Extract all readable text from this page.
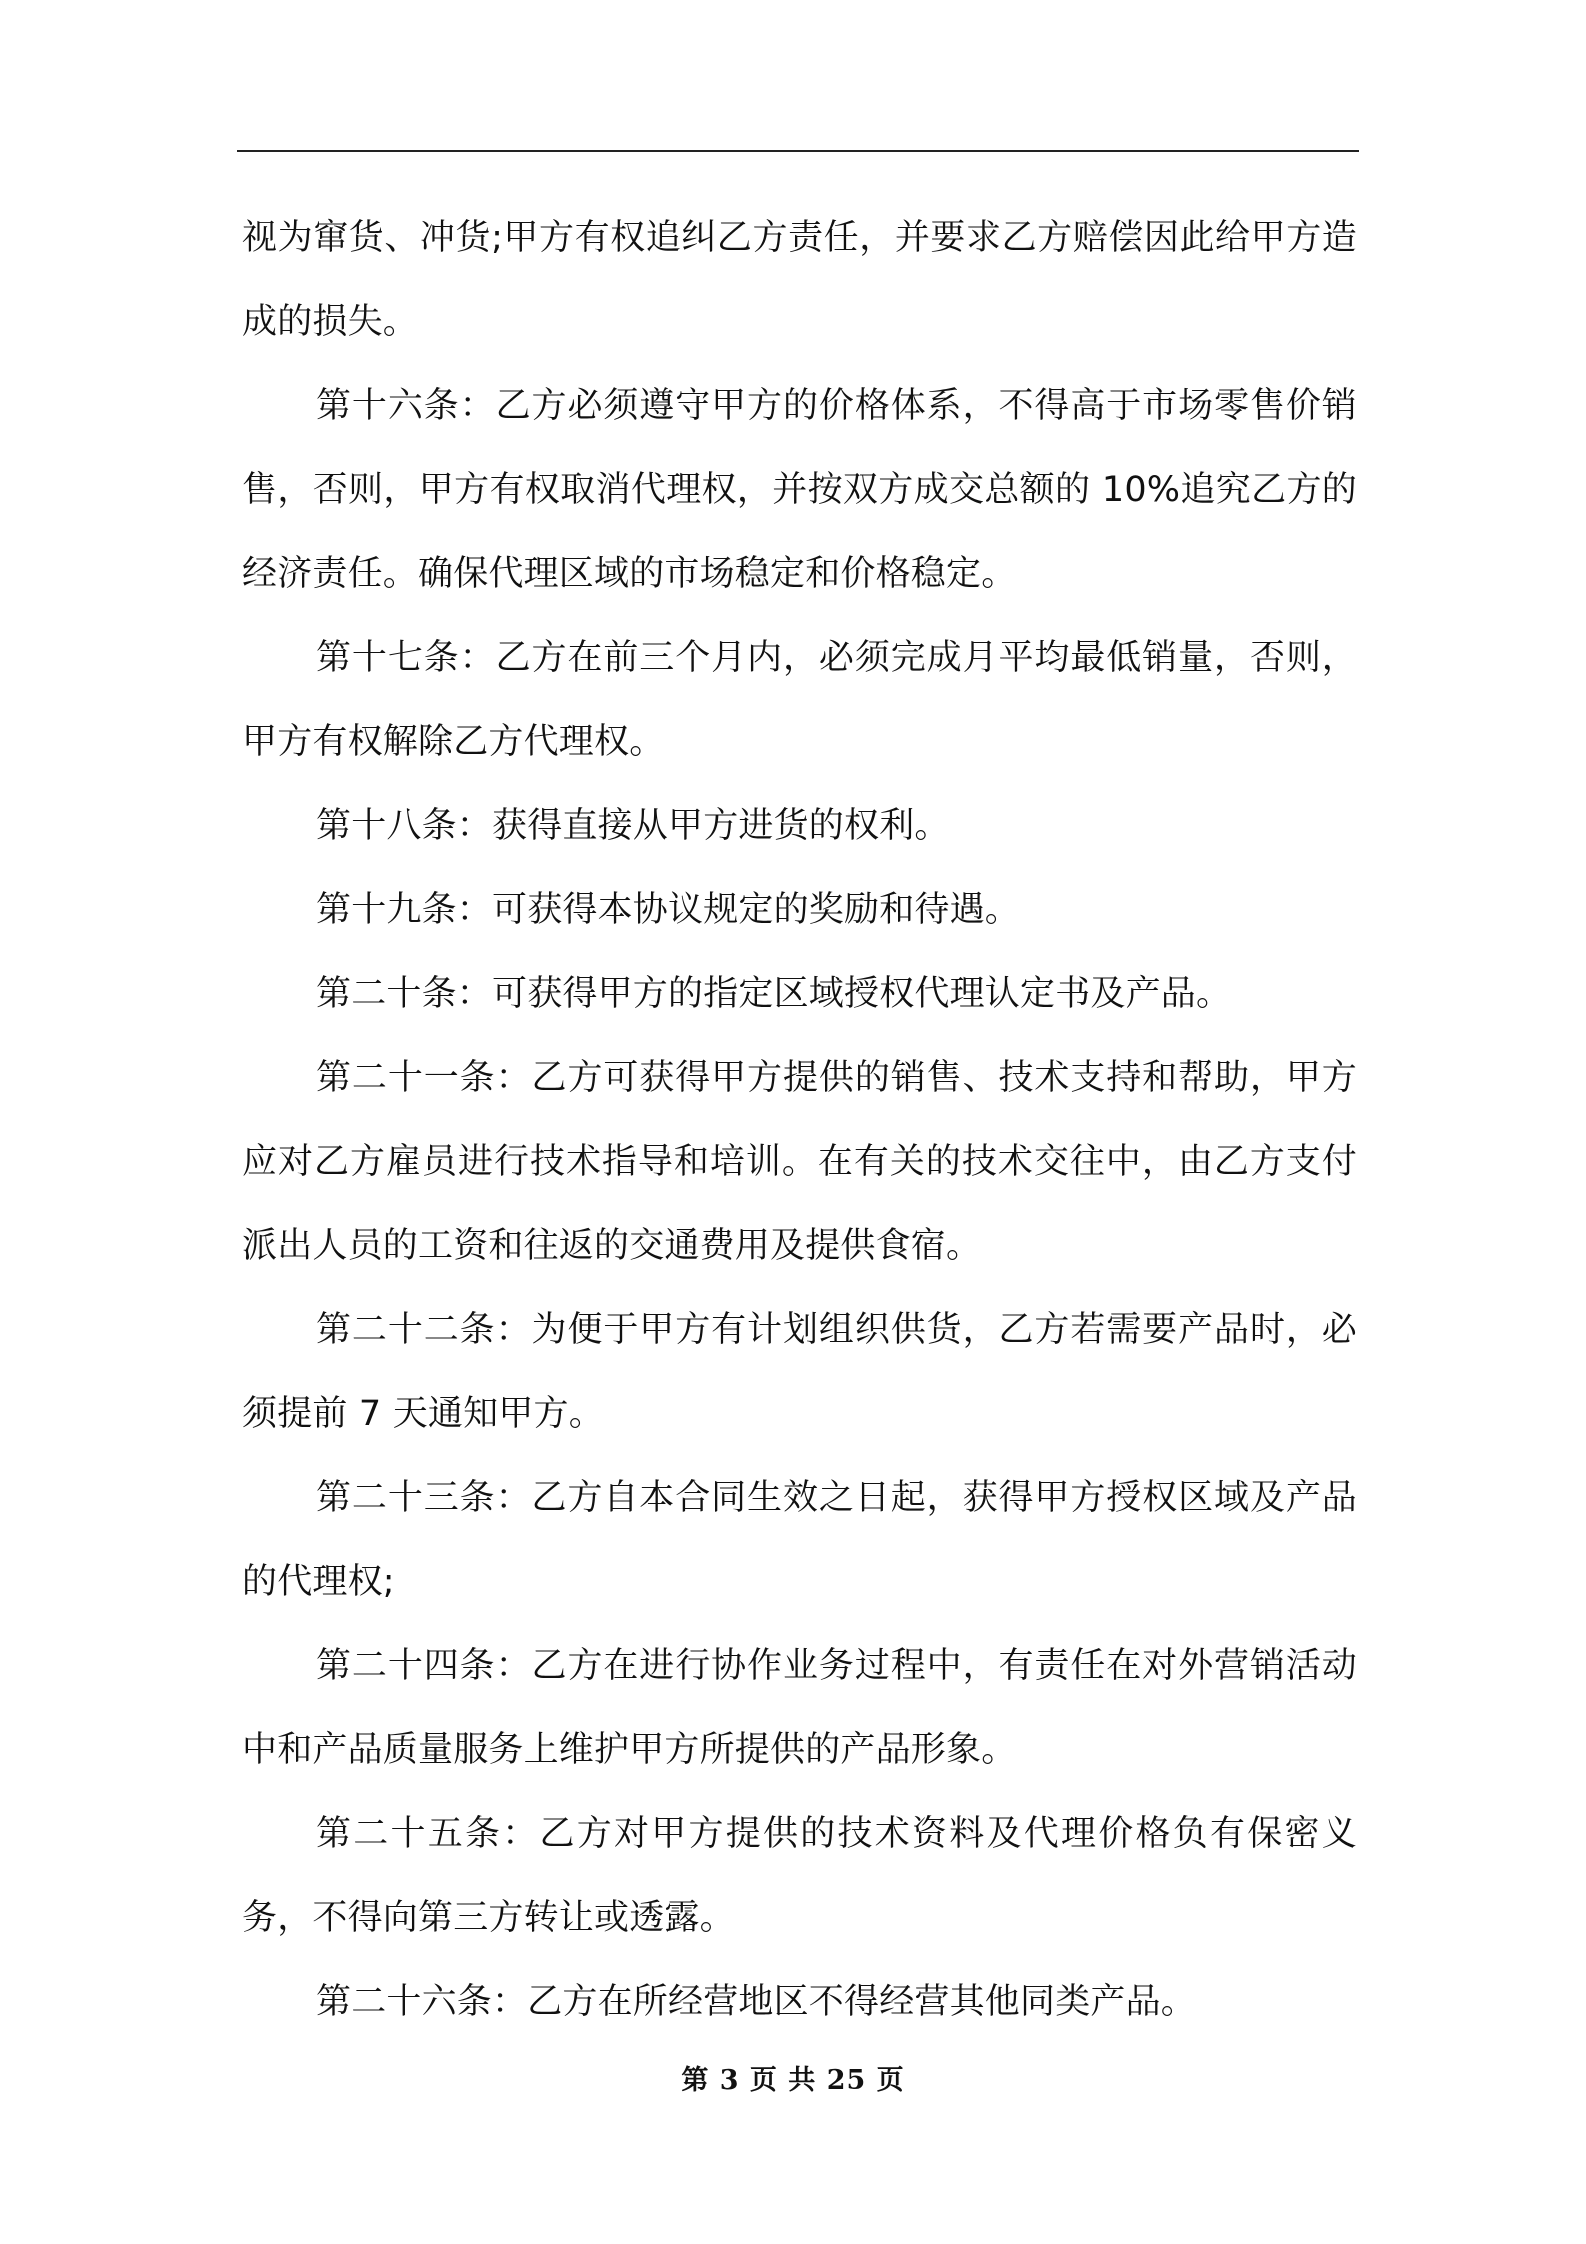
视为窜货、冲货;甲方有权追纠乙方责任，并要求乙方赔偿因此给甲方造成的损失。

第十六条：乙方必须遵守甲方的价格体系，不得高于市场零售价销售，否则，甲方有权取消代理权，并按双方成交总额的 10%追究乙方的经济责任。确保代理区域的市场稳定和价格稳定。

第十七条：乙方在前三个月内，必须完成月平均最低销量，否则，甲方有权解除乙方代理权。

第十八条：获得直接从甲方进货的权利。

第十九条：可获得本协议规定的奖励和待遇。

第二十条：可获得甲方的指定区域授权代理认定书及产品。

第二十一条：乙方可获得甲方提供的销售、技术支持和帮助，甲方应对乙方雇员进行技术指导和培训。在有关的技术交往中，由乙方支付派出人员的工资和往返的交通费用及提供食宿。

第二十二条：为便于甲方有计划组织供货，乙方若需要产品时，必须提前 7 天通知甲方。

第二十三条：乙方自本合同生效之日起，获得甲方授权区域及产品的代理权;

第二十四条：乙方在进行协作业务过程中，有责任在对外营销活动中和产品质量服务上维护甲方所提供的产品形象。

第二十五条：乙方对甲方提供的技术资料及代理价格负有保密义务，不得向第三方转让或透露。

第二十六条：乙方在所经营地区不得经营其他同类产品。

第 3 页 共 25 页
